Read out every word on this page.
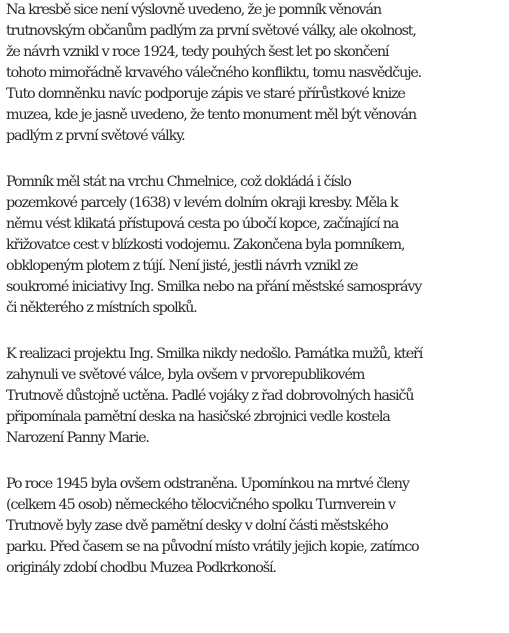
Na kresbě sice není výslovně uvedeno, že je pomník věnován
trutnovským občanům padlým za první světové války, ale okolnost,
že návrh vznikl v roce 1924, tedy pouhých šest let po skončení
tohoto mimořádně krvavého válečného konfliktu, tomu nasvědčuje.
Tuto domněnku navíc podporuje zápis ve staré přírůstkové knize
muzea, kde je jasně uvedeno, že tento monument měl být věnován
padlým z první světové války.

Pomník měl stát na vrchu Chmelnice, což dokládá i číslo
pozemkové parcely (1638) v levém dolním okraji kresby. Měla k
němu vést klikatá přístupová cesta po úbočí kopce, začínající na
křižovatce cest v blízkosti vodojemu. Zakončena byla pomníkem,
obklopeným plotem z tújí. Není jisté, jestli návrh vznikl ze
soukromé iniciativy Ing. Smilka nebo na přání městské samosprávy
či některého z místních spolků.

K realizaci projektu Ing. Smilka nikdy nedošlo. Památka mužů, kteří
zahynuli ve světové válce, byla ovšem v prvorepublikovém
Trutnově důstojně uctěna. Padlé vojáky z řad dobrovolných hasičů
připomínala pamětní deska na hasičské zbrojnici vedle kostela
Narození Panny Marie.

Po roce 1945 byla ovšem odstraněna. Upomínkou na mrtvé členy
(celkem 45 osob) německého tělocvičného spolku Turnverein v
Trutnově byly zase dvě pamětní desky v dolní části městského
parku. Před časem se na původní místo vrátily jejich kopie, zatímco
originály zdobí chodbu Muzea Podkrkonoší.
